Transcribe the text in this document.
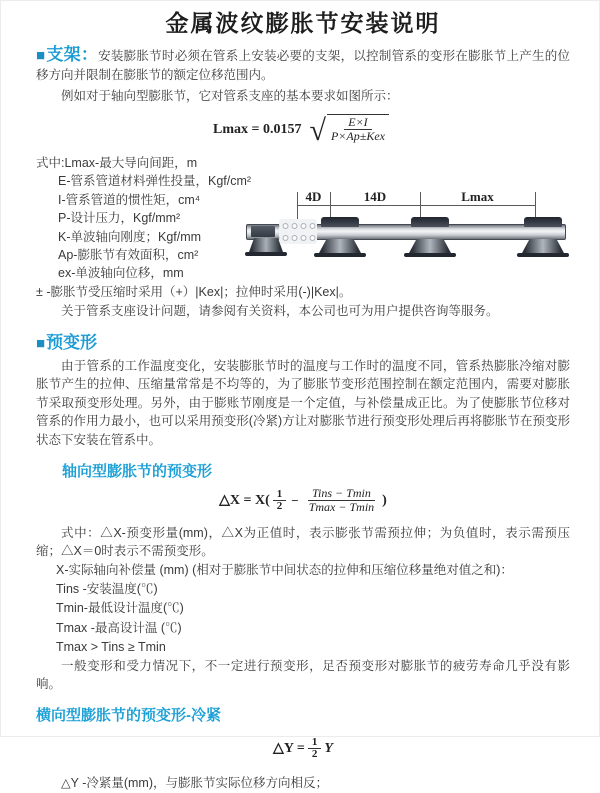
金属波纹膨胀节安装说明

■支架：安装膨胀节时必须在管系上安装必要的支架，以控制管系的变形在膨胀节上产生的位移方向并限制在膨胀节的额定位移范围内。

例如对于轴向型膨胀节，它对管系支座的基本要求如图所示：

Lmax = 0.0157 √ $\frac{E\times I}{\text{P×Ap±Kex}}$

式中:Lmax-最大导向间距，m

E-管系管道材料弹性投量，Kgf/cm²

I-管系管道的惯性矩，cm⁴

P-设计压力，Kgf/mm²

K-单波轴向刚度；Kgf/mm

Ap-膨胀节有效面积，cm²

ex-单波轴向位移，mm

± -膨胀节受压缩时采用（+）|Kex|；拉伸时采用(-)|Kex|。

关于管系支座设计问题，请参阅有关资料，本公司也可为用户提供咨询等服务。

4D	14D	Lmax
■预变形

由于管系的工作温度变化，安装膨胀节时的温度与工作时的温度不同，管系热膨胀冷缩对膨胀节产生的拉伸、压缩量常常是不均等的，为了膨胀节变形范围控制在额定范围内，需要对膨胀节采取预变形处理。另外，由于膨账节刚度是一个定值，与补偿量成正比。为了使膨胀节位移对管系的作用力最小，也可以采用预变形(冷紧)方让对膨胀节进行预变形处理后再将膨胀节在预变形状态下安装在管系中。

轴向型膨胀节的预变形
△X = $X( \frac{1}{2} - \frac{\text{Tins − Tmin}}{Tmax - Tmin}$ )

式中：△X-预变形量(mm)，△X为正值时，表示膨张节需预拉伸；为负值时，表示需预压缩；△X＝0时表示不需预变形。

X-实际轴向补偿量 (mm) (相对于膨胀节中间状态的拉伸和压缩位移量绝对值之和)：

Tins -安装温度(℃)

Tmin-最低设计温度(℃)

Tmax -最高设计温 (℃)

Tmax > Tins ≥ Tmin

一般变形和受力情况下，不一定进行预变形，足否预变形对膨胀节的疲劳寿命几乎没有影响。

横向型膨胀节的预变形-冷紧
△Y = $\frac{1}{2}$ Y

△Y -冷紧量(mm)，与膨胀节实际位移方向相反；
